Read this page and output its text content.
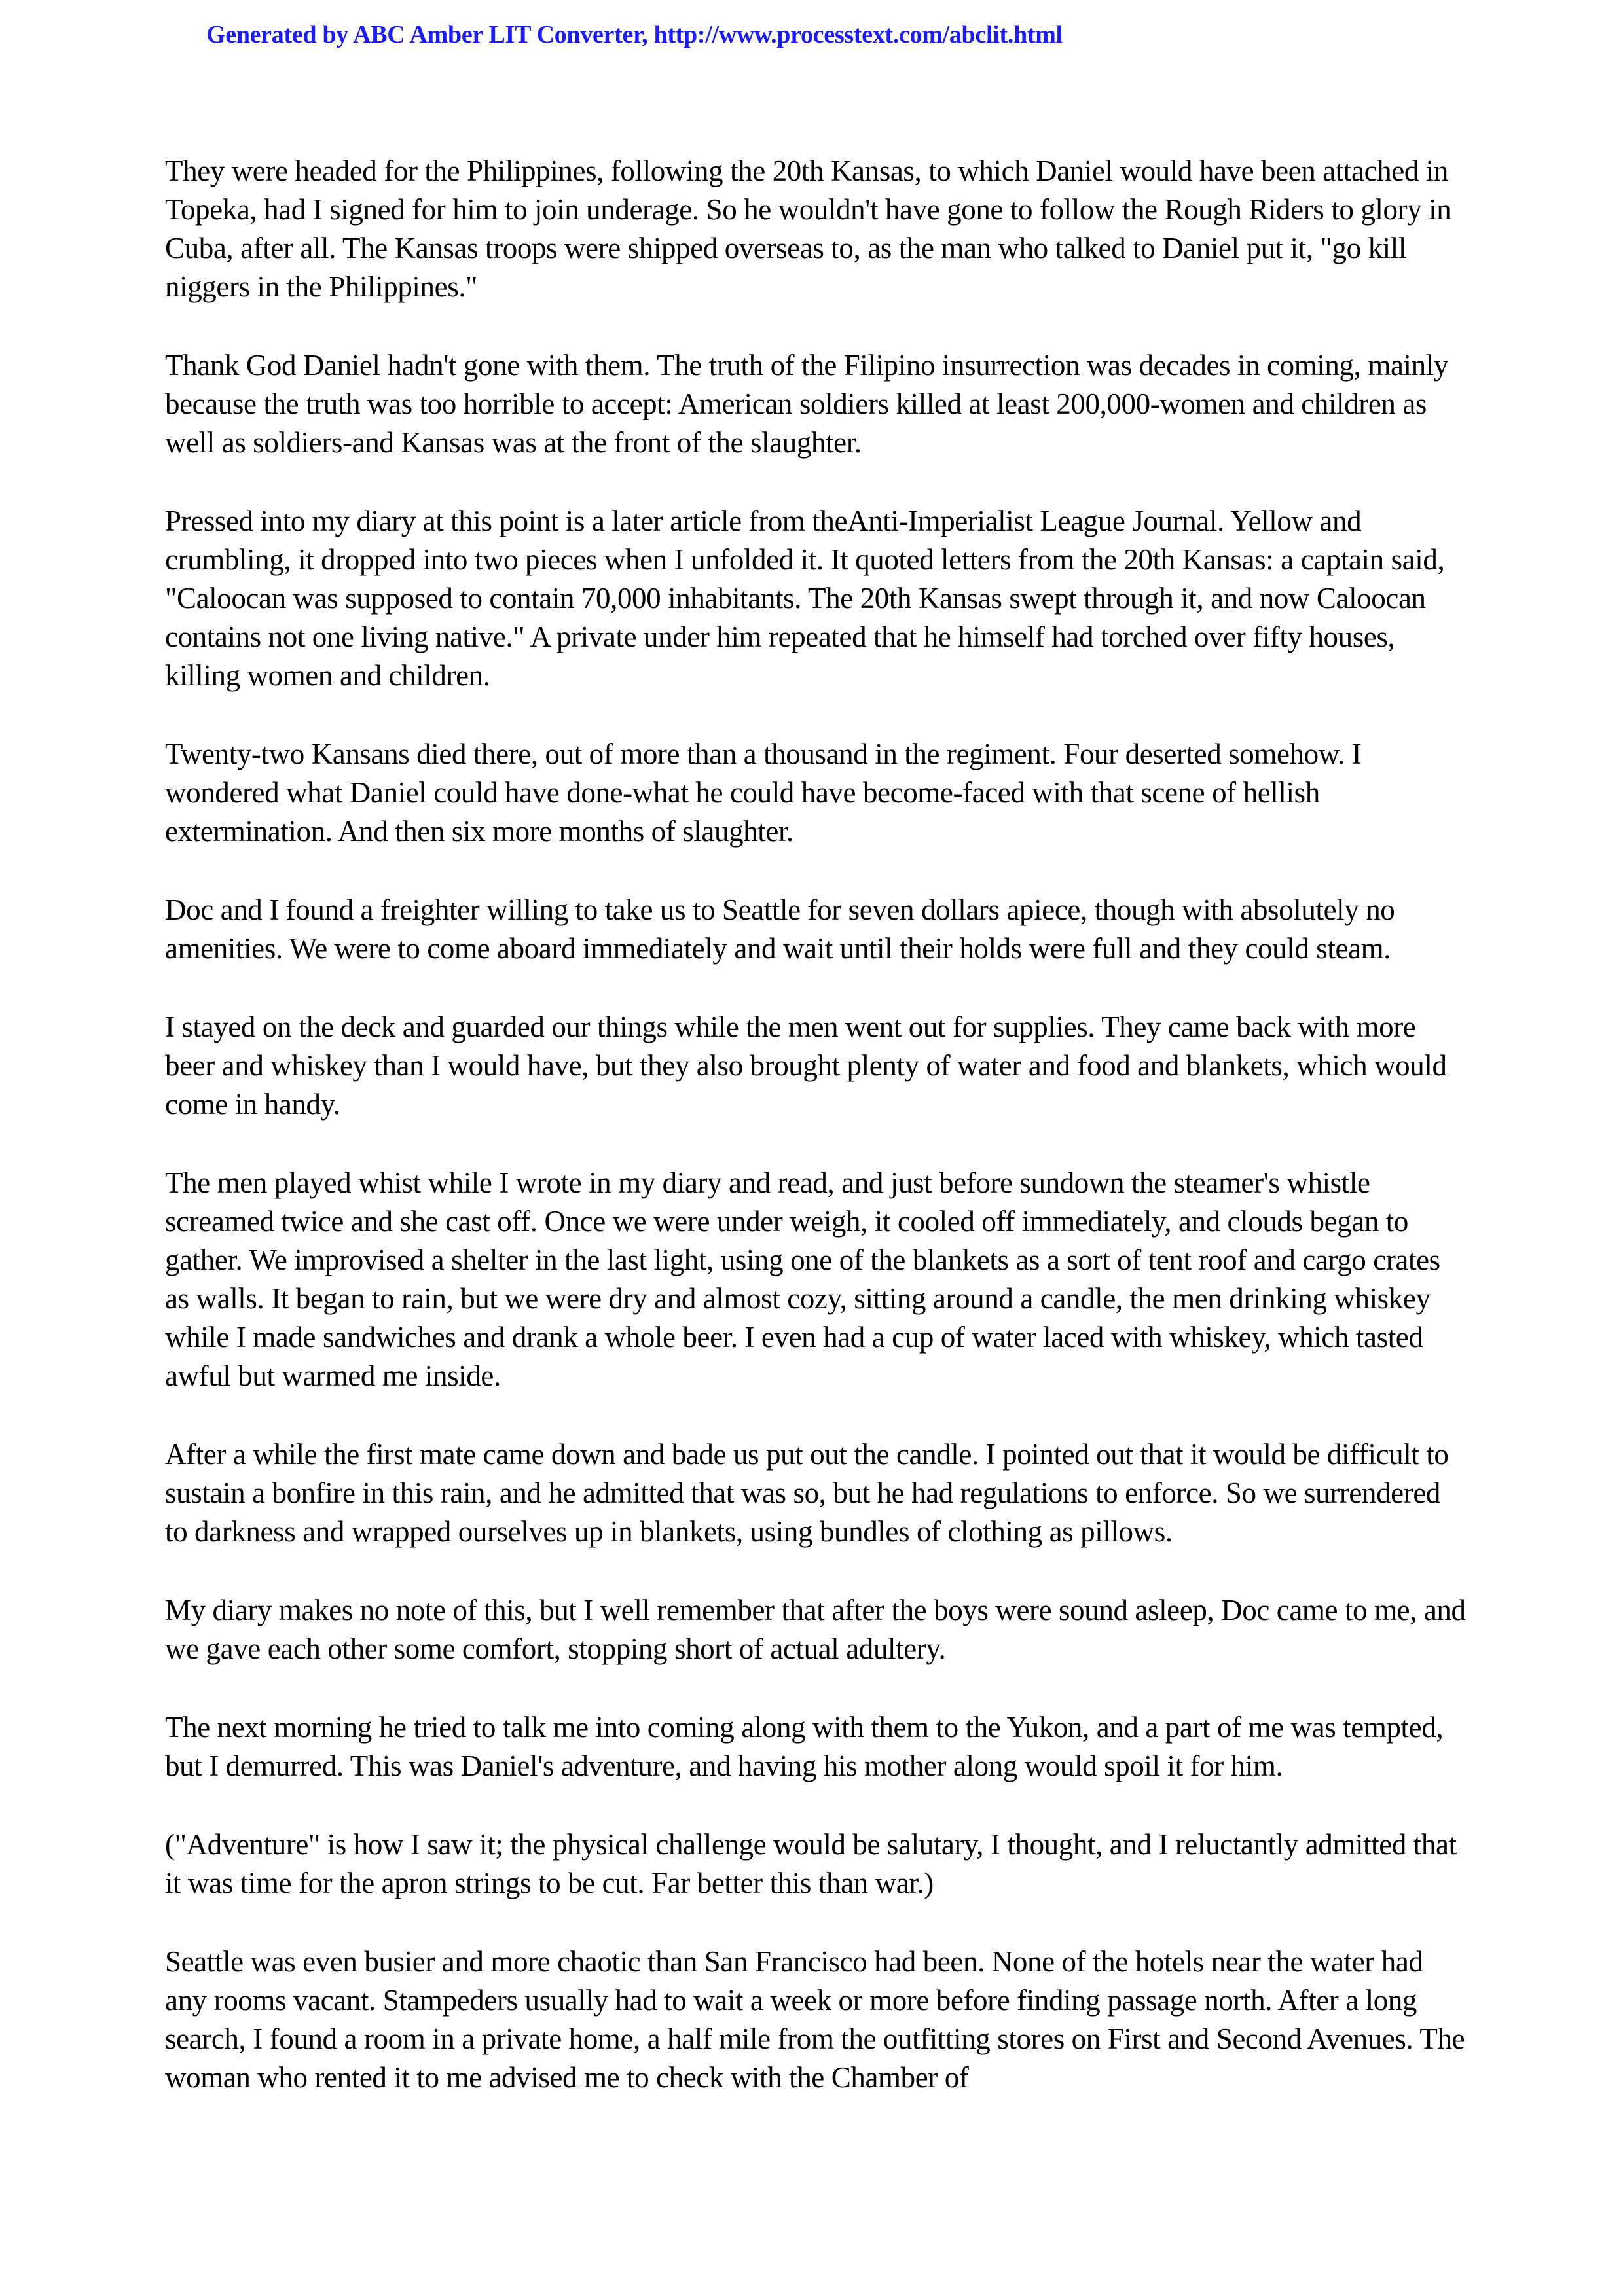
Generated by ABC Amber LIT Converter, http://www.processtext.com/abclit.html

They were headed for the Philippines, following the 20th Kansas, to which Daniel would have been attached in Topeka, had I signed for him to join underage. So he wouldn't have gone to follow the Rough Riders to glory in Cuba, after all. The Kansas troops were shipped overseas to, as the man who talked to Daniel put it, "go kill niggers in the Philippines."

Thank God Daniel hadn't gone with them. The truth of the Filipino insurrection was decades in coming, mainly because the truth was too horrible to accept: American soldiers killed at least 200,000-women and children as well as soldiers-and Kansas was at the front of the slaughter.

Pressed into my diary at this point is a later article from theAnti-Imperialist League Journal. Yellow and crumbling, it dropped into two pieces when I unfolded it. It quoted letters from the 20th Kansas: a captain said, "Caloocan was supposed to contain 70,000 inhabitants. The 20th Kansas swept through it, and now Caloocan contains not one living native." A private under him repeated that he himself had torched over fifty houses, killing women and children.

Twenty-two Kansans died there, out of more than a thousand in the regiment. Four deserted somehow. I wondered what Daniel could have done-what he could have become-faced with that scene of hellish extermination. And then six more months of slaughter.

Doc and I found a freighter willing to take us to Seattle for seven dollars apiece, though with absolutely no amenities. We were to come aboard immediately and wait until their holds were full and they could steam.

I stayed on the deck and guarded our things while the men went out for supplies. They came back with more beer and whiskey than I would have, but they also brought plenty of water and food and blankets, which would come in handy.

The men played whist while I wrote in my diary and read, and just before sundown the steamer's whistle screamed twice and she cast off. Once we were under weigh, it cooled off immediately, and clouds began to gather. We improvised a shelter in the last light, using one of the blankets as a sort of tent roof and cargo crates as walls. It began to rain, but we were dry and almost cozy, sitting around a candle, the men drinking whiskey while I made sandwiches and drank a whole beer. I even had a cup of water laced with whiskey, which tasted awful but warmed me inside.

After a while the first mate came down and bade us put out the candle. I pointed out that it would be difficult to sustain a bonfire in this rain, and he admitted that was so, but he had regulations to enforce. So we surrendered to darkness and wrapped ourselves up in blankets, using bundles of clothing as pillows.

My diary makes no note of this, but I well remember that after the boys were sound asleep, Doc came to me, and we gave each other some comfort, stopping short of actual adultery.

The next morning he tried to talk me into coming along with them to the Yukon, and a part of me was tempted, but I demurred. This was Daniel's adventure, and having his mother along would spoil it for him.

("Adventure" is how I saw it; the physical challenge would be salutary, I thought, and I reluctantly admitted that it was time for the apron strings to be cut. Far better this than war.)

Seattle was even busier and more chaotic than San Francisco had been. None of the hotels near the water had any rooms vacant. Stampeders usually had to wait a week or more before finding passage north. After a long search, I found a room in a private home, a half mile from the outfitting stores on First and Second Avenues. The woman who rented it to me advised me to check with the Chamber of
